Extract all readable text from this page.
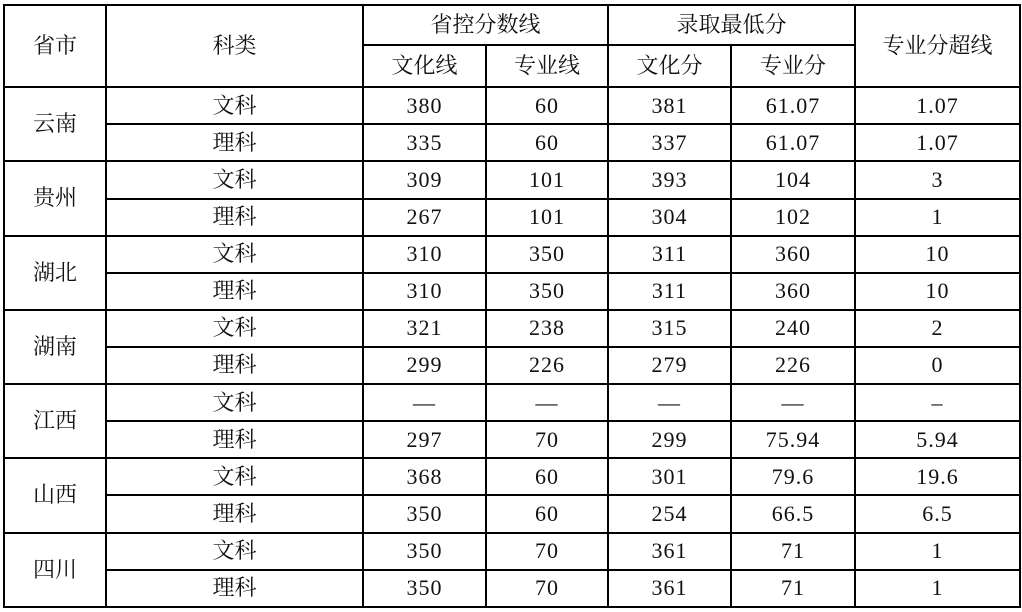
省市	科类	省控分数线		录取最低分		专业分超线
		文化线	专业线	文化分	专业分	
云南	文科	380	60	381	61.07	1.07
	理科	335	60	337	61.07	1.07
贵州	文科	309	101	393	104	3
	理科	267	101	304	102	1
湖北	文科	310	350	311	360	10
	理科	310	350	311	360	10
湖南	文科	321	238	315	240	2
	理科	299	226	279	226	0
江西	文科	—	—	—	—	–
	理科	297	70	299	75.94	5.94
山西	文科	368	60	301	79.6	19.6
	理科	350	60	254	66.5	6.5
四川	文科	350	70	361	71	1
	理科	350	70	361	71	1
